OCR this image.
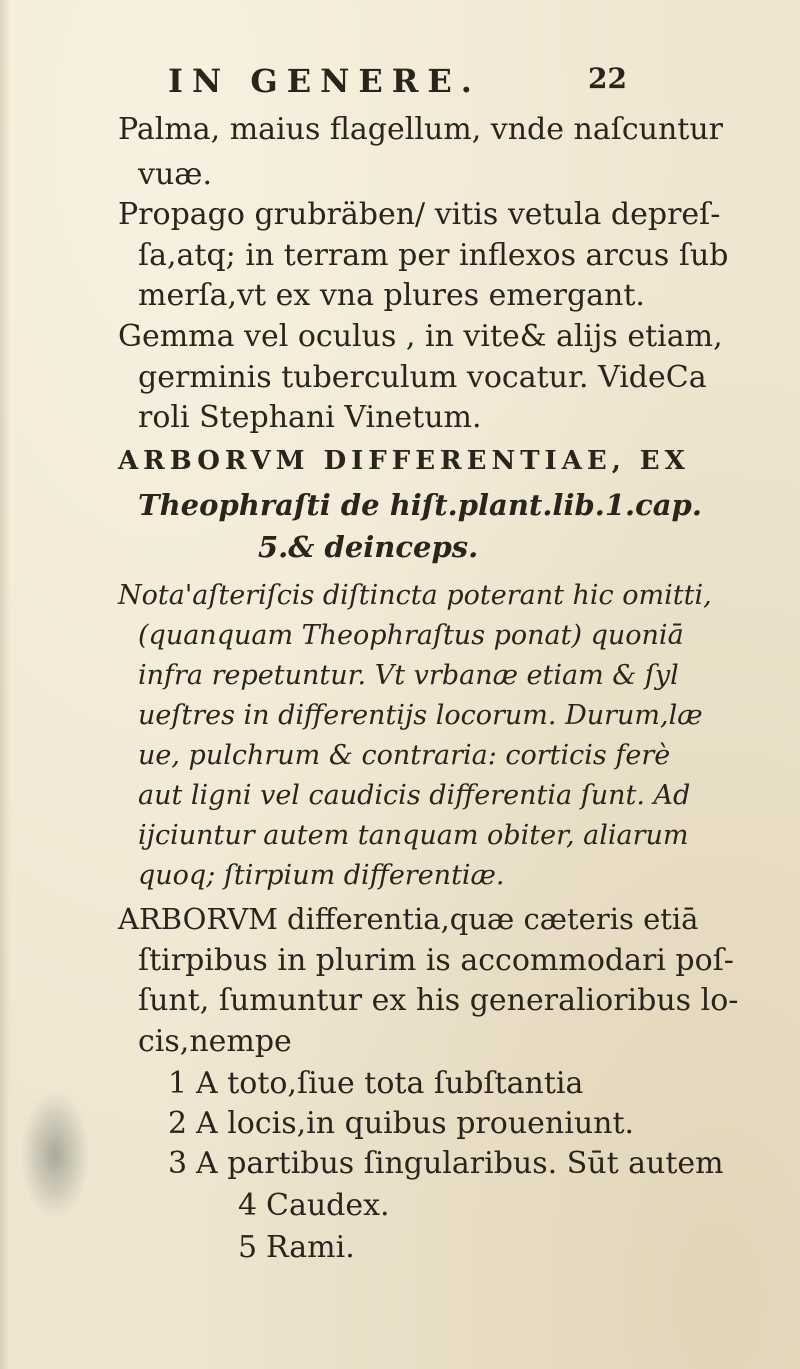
IN GENERE.	22
Palma, maius flagellum, vnde naſcuntur
vuæ.
Propago grubräben/ vitis vetula depreſ-
ſa,atq; in terram per inflexos arcus ſub
merſa,vt ex vna plures emergant.
Gemma vel oculus , in vite& alijs etiam,
germinis tuberculum vocatur. VideCa
roli Stephani Vinetum.
ARBORVM DIFFERENTIAE, EX
Theophraſti de hiſt.plant.lib.1.cap.
5.& deinceps.
Nota'aſteriſcis diſtincta poterant hic omitti,
(quanquam Theophraſtus ponat) quoniā
infra repetuntur. Vt vrbanæ etiam & ſyl
ueſtres in differentijs locorum. Durum,læ
ue, pulchrum & contraria: corticis ferè
aut ligni vel caudicis differentia ſunt. Ad
ijciuntur autem tanquam obiter, aliarum
quoq; ſtirpium differentiæ.
ARBORVM differentia,quæ cæteris etiā
ſtirpibus in plurim is accommodari poſ-
ſunt, ſumuntur ex his generalioribus lo-
cis,nempe
1 A toto,ſiue tota ſubſtantia
2 A locis,in quibus proueniunt.
3 A partibus ſingularibus. Sūt autem
4 Caudex.
5 Rami.
